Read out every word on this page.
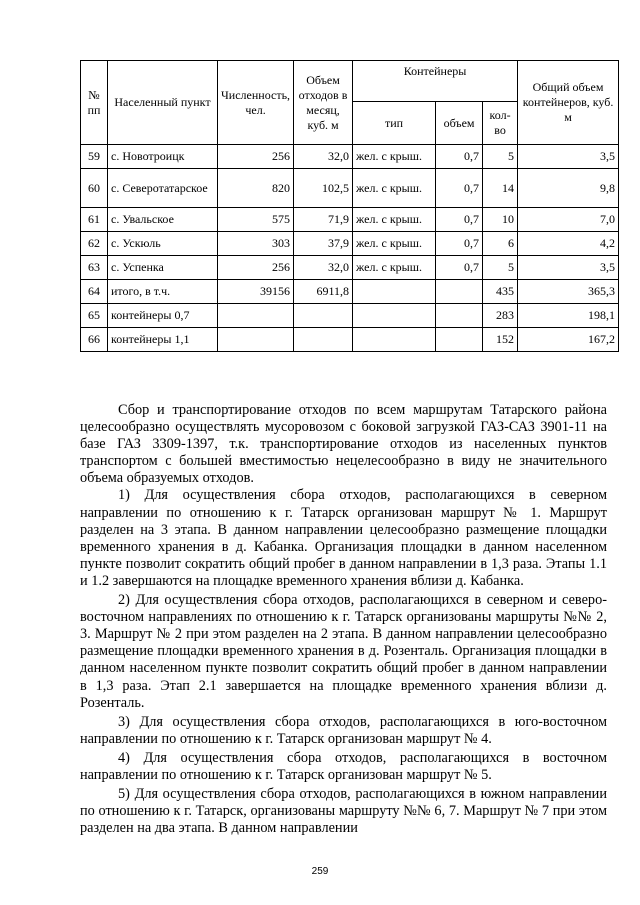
№ пп	Населенный пункт	Численность, чел.	Объем отходов в месяц, куб. м	Контейнеры			Общий объем контейнеров, куб. м
				тип	объем	кол-во	
59	с. Новотроицк	256	32,0	жел. с крыш.	0,7	5	3,5
60	с. Северотатарское	820	102,5	жел. с крыш.	0,7	14	9,8
61	с. Увальское	575	71,9	жел. с крыш.	0,7	10	7,0
62	с. Ускюль	303	37,9	жел. с крыш.	0,7	6	4,2
63	с. Успенка	256	32,0	жел. с крыш.	0,7	5	3,5
64	итого, в т.ч.	39156	6911,8			435	365,3
65	контейнеры 0,7					283	198,1
66	контейнеры 1,1					152	167,2

Сбор и транспортирование отходов по всем маршрутам Татарского района целесообразно осуществлять мусоровозом с боковой загрузкой ГАЗ-САЗ 3901-11 на базе ГАЗ 3309-1397, т.к. транспортирование отходов из населенных пунктов транспортом с большей вместимостью нецелесообразно в виду не значительного объема образуемых отходов.

1) Для осуществления сбора отходов, располагающихся в северном направлении по отношению к г. Татарск организован маршрут № 1. Маршрут разделен на 3 этапа. В данном направлении целесообразно размещение площадки временного хранения в д. Кабанка. Организация площадки в данном населенном пункте позволит сократить общий пробег в данном направлении в 1,3 раза. Этапы 1.1 и 1.2 завершаются на площадке временного хранения вблизи д. Кабанка.

2) Для осуществления сбора отходов, располагающихся в северном и северо-восточном направлениях по отношению к г. Татарск организованы маршруты №№ 2, 3. Маршрут № 2 при этом разделен на 2 этапа. В данном направлении целесообразно размещение площадки временного хранения в д. Розенталь. Организация площадки в данном населенном пункте позволит сократить общий пробег в данном направлении в 1,3 раза. Этап 2.1 завершается на площадке временного хранения вблизи д. Розенталь.

3) Для осуществления сбора отходов, располагающихся в юго-восточном направлении по отношению к г. Татарск организован маршрут № 4.

4) Для осуществления сбора отходов, располагающихся в восточном направлении по отношению к г. Татарск организован маршрут № 5.

5) Для осуществления сбора отходов, располагающихся в южном направлении по отношению к г. Татарск, организованы маршруту №№ 6, 7. Маршрут № 7 при этом разделен на два этапа. В данном направлении

259
